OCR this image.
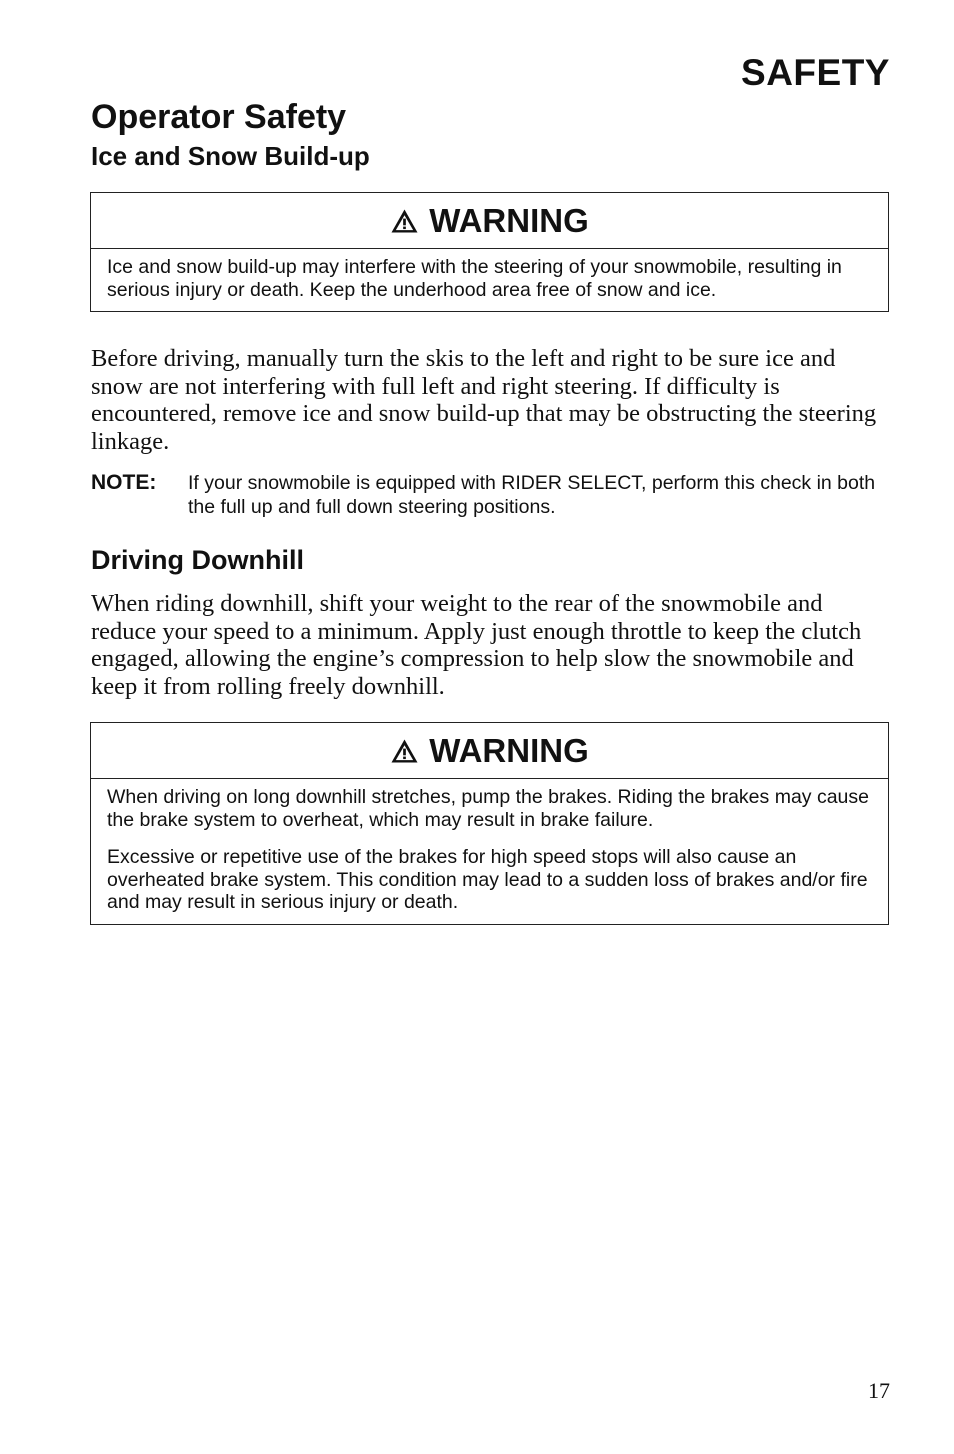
SAFETY
Operator Safety
Ice and Snow Build-up
WARNING

Ice and snow build-up may interfere with the steering of your snowmobile, resulting in serious injury or death. Keep the underhood area free of snow and ice.

Before driving, manually turn the skis to the left and right to be sure ice and snow are not interfering with full left and right steering. If difficulty is encountered, remove ice and snow build-up that may be obstructing the steering linkage.
NOTE: If your snowmobile is equipped with RIDER SELECT, perform this check in both the full up and full down steering positions.
Driving Downhill
When riding downhill, shift your weight to the rear of the snowmobile and reduce your speed to a minimum. Apply just enough throttle to keep the clutch engaged, allowing the engine’s compression to help slow the snowmobile and keep it from rolling freely downhill.
WARNING

When driving on long downhill stretches, pump the brakes. Riding the brakes may cause the brake system to overheat, which may result in brake failure.

Excessive or repetitive use of the brakes for high speed stops will also cause an overheated brake system. This condition may lead to a sudden loss of brakes and/or fire and may result in serious injury or death.

17
